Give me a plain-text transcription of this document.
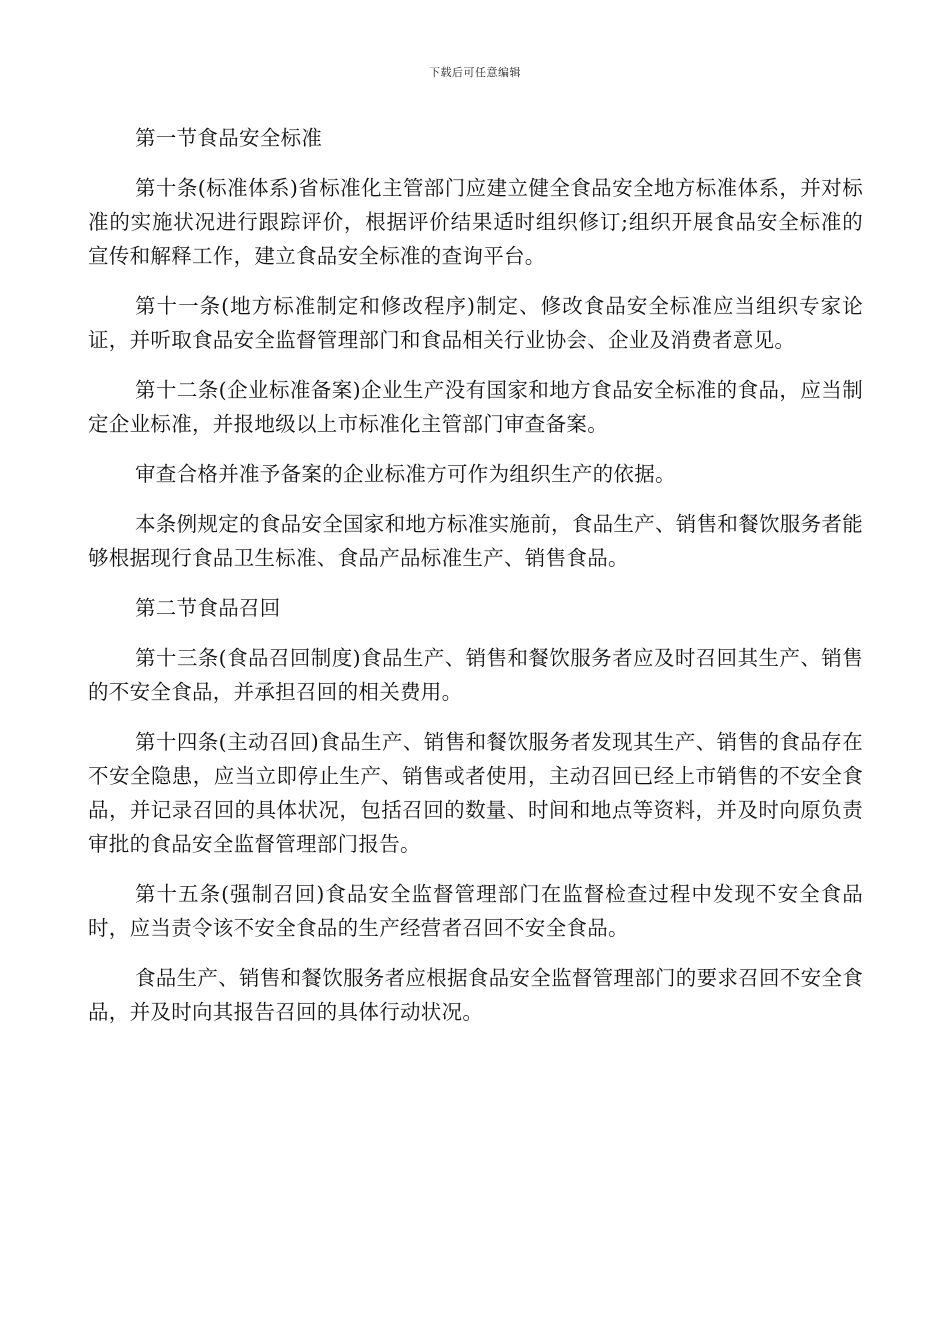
下载后可任意编辑

第一节食品安全标准

第十条(标准体系)省标准化主管部门应建立健全食品安全地方标准体系，并对标准的实施状况进行跟踪评价，根据评价结果适时组织修订;组织开展食品安全标准的宣传和解释工作，建立食品安全标准的查询平台。

第十一条(地方标准制定和修改程序)制定、修改食品安全标准应当组织专家论证，并听取食品安全监督管理部门和食品相关行业协会、企业及消费者意见。

第十二条(企业标准备案)企业生产没有国家和地方食品安全标准的食品，应当制定企业标准，并报地级以上市标准化主管部门审查备案。

审查合格并准予备案的企业标准方可作为组织生产的依据。

本条例规定的食品安全国家和地方标准实施前，食品生产、销售和餐饮服务者能够根据现行食品卫生标准、食品产品标准生产、销售食品。

第二节食品召回

第十三条(食品召回制度)食品生产、销售和餐饮服务者应及时召回其生产、销售的不安全食品，并承担召回的相关费用。

第十四条(主动召回)食品生产、销售和餐饮服务者发现其生产、销售的食品存在不安全隐患，应当立即停止生产、销售或者使用，主动召回已经上市销售的不安全食品，并记录召回的具体状况，包括召回的数量、时间和地点等资料，并及时向原负责审批的食品安全监督管理部门报告。

第十五条(强制召回)食品安全监督管理部门在监督检查过程中发现不安全食品时，应当责令该不安全食品的生产经营者召回不安全食品。

食品生产、销售和餐饮服务者应根据食品安全监督管理部门的要求召回不安全食品，并及时向其报告召回的具体行动状况。
